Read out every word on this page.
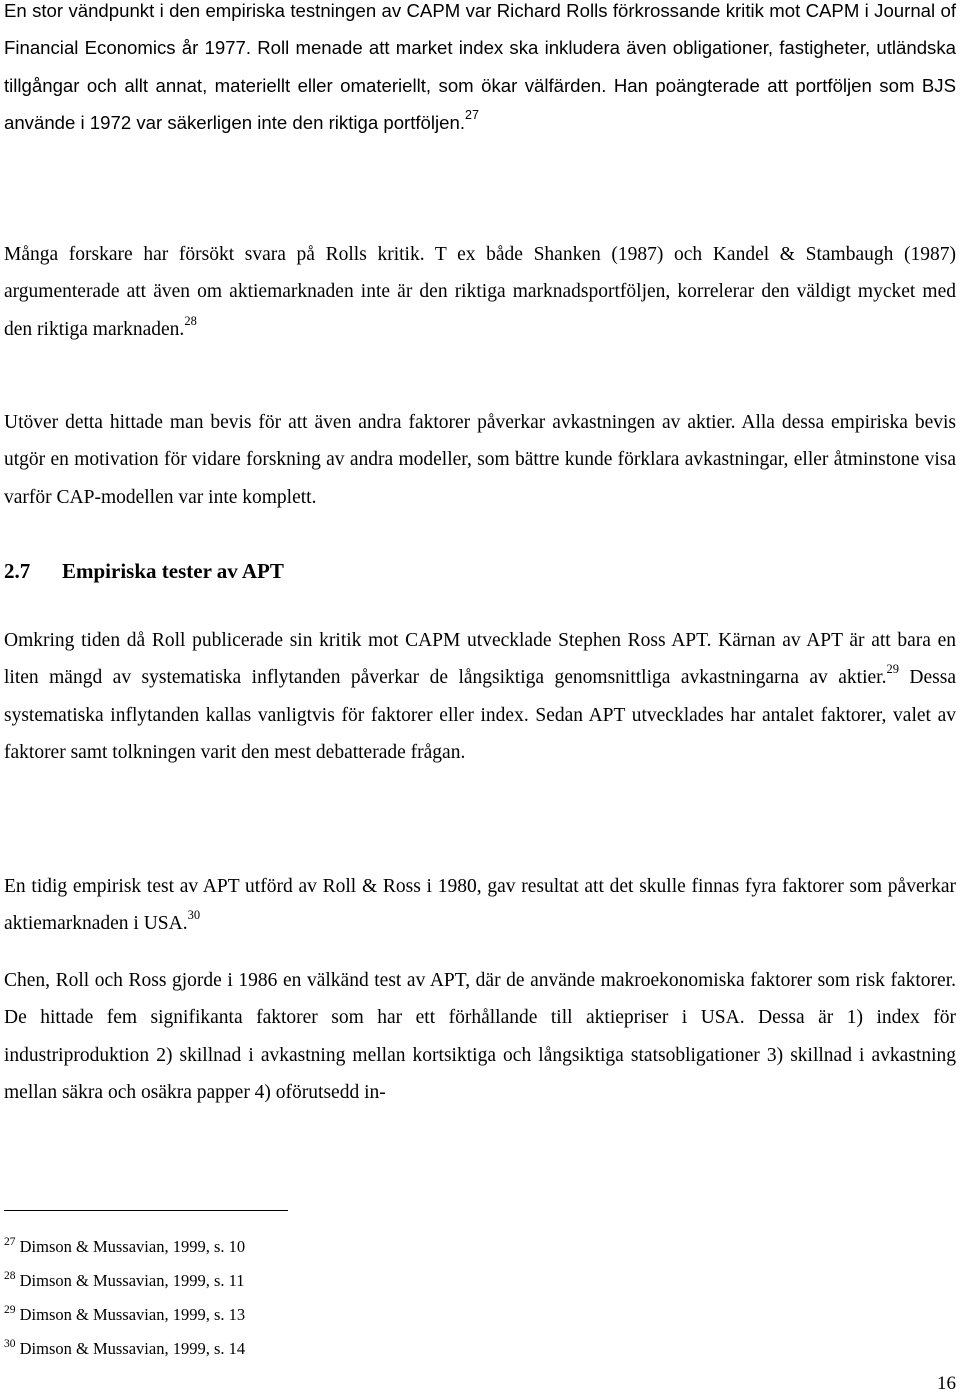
En stor vändpunkt i den empiriska testningen av CAPM var Richard Rolls förkrossande kritik mot CAPM i Journal of Financial Economics år 1977. Roll menade att market index ska inkludera även obligationer, fastigheter, utländska tillgångar och allt annat, materiellt eller omateriellt, som ökar välfärden. Han poängterade att portföljen som BJS använde i 1972 var säkerligen inte den riktiga portföljen.$^{27}$

Många forskare har försökt svara på Rolls kritik. T ex både Shanken (1987) och Kandel & Stambaugh (1987) argumenterade att även om aktiemarknaden inte är den riktiga marknadsportföljen, korrelerar den väldigt mycket med den riktiga marknaden.$^{28}$

Utöver detta hittade man bevis för att även andra faktorer påverkar avkastningen av aktier. Alla dessa empiriska bevis utgör en motivation för vidare forskning av andra modeller, som bättre kunde förklara avkastningar, eller åtminstone visa varför CAP-modellen var inte komplett.

2.7 Empiriska tester av APT

Omkring tiden då Roll publicerade sin kritik mot CAPM utvecklade Stephen Ross APT. Kärnan av APT är att bara en liten mängd av systematiska inflytanden påverkar de långsiktiga genomsnittliga avkastningarna av aktier.$^{29}$ Dessa systematiska inflytanden kallas vanligtvis för faktorer eller index. Sedan APT utvecklades har antalet faktorer, valet av faktorer samt tolkningen varit den mest debatterade frågan.

En tidig empirisk test av APT utförd av Roll & Ross i 1980, gav resultat att det skulle finnas fyra faktorer som påverkar aktiemarknaden i USA.$^{30}$

Chen, Roll och Ross gjorde i 1986 en välkänd test av APT, där de använde makroekonomiska faktorer som risk faktorer. De hittade fem signifikanta faktorer som har ett förhållande till aktiepriser i USA. Dessa är 1) index för industriproduktion 2) skillnad i avkastning mellan kortsiktiga och långsiktiga statsobligationer 3) skillnad i avkastning mellan säkra och osäkra papper 4) oförutsedd in-

$^{27}$ Dimson & Mussavian, 1999, s. 10

$^{28}$ Dimson & Mussavian, 1999, s. 11

$^{29}$ Dimson & Mussavian, 1999, s. 13

$^{30}$ Dimson & Mussavian, 1999, s. 14

16
